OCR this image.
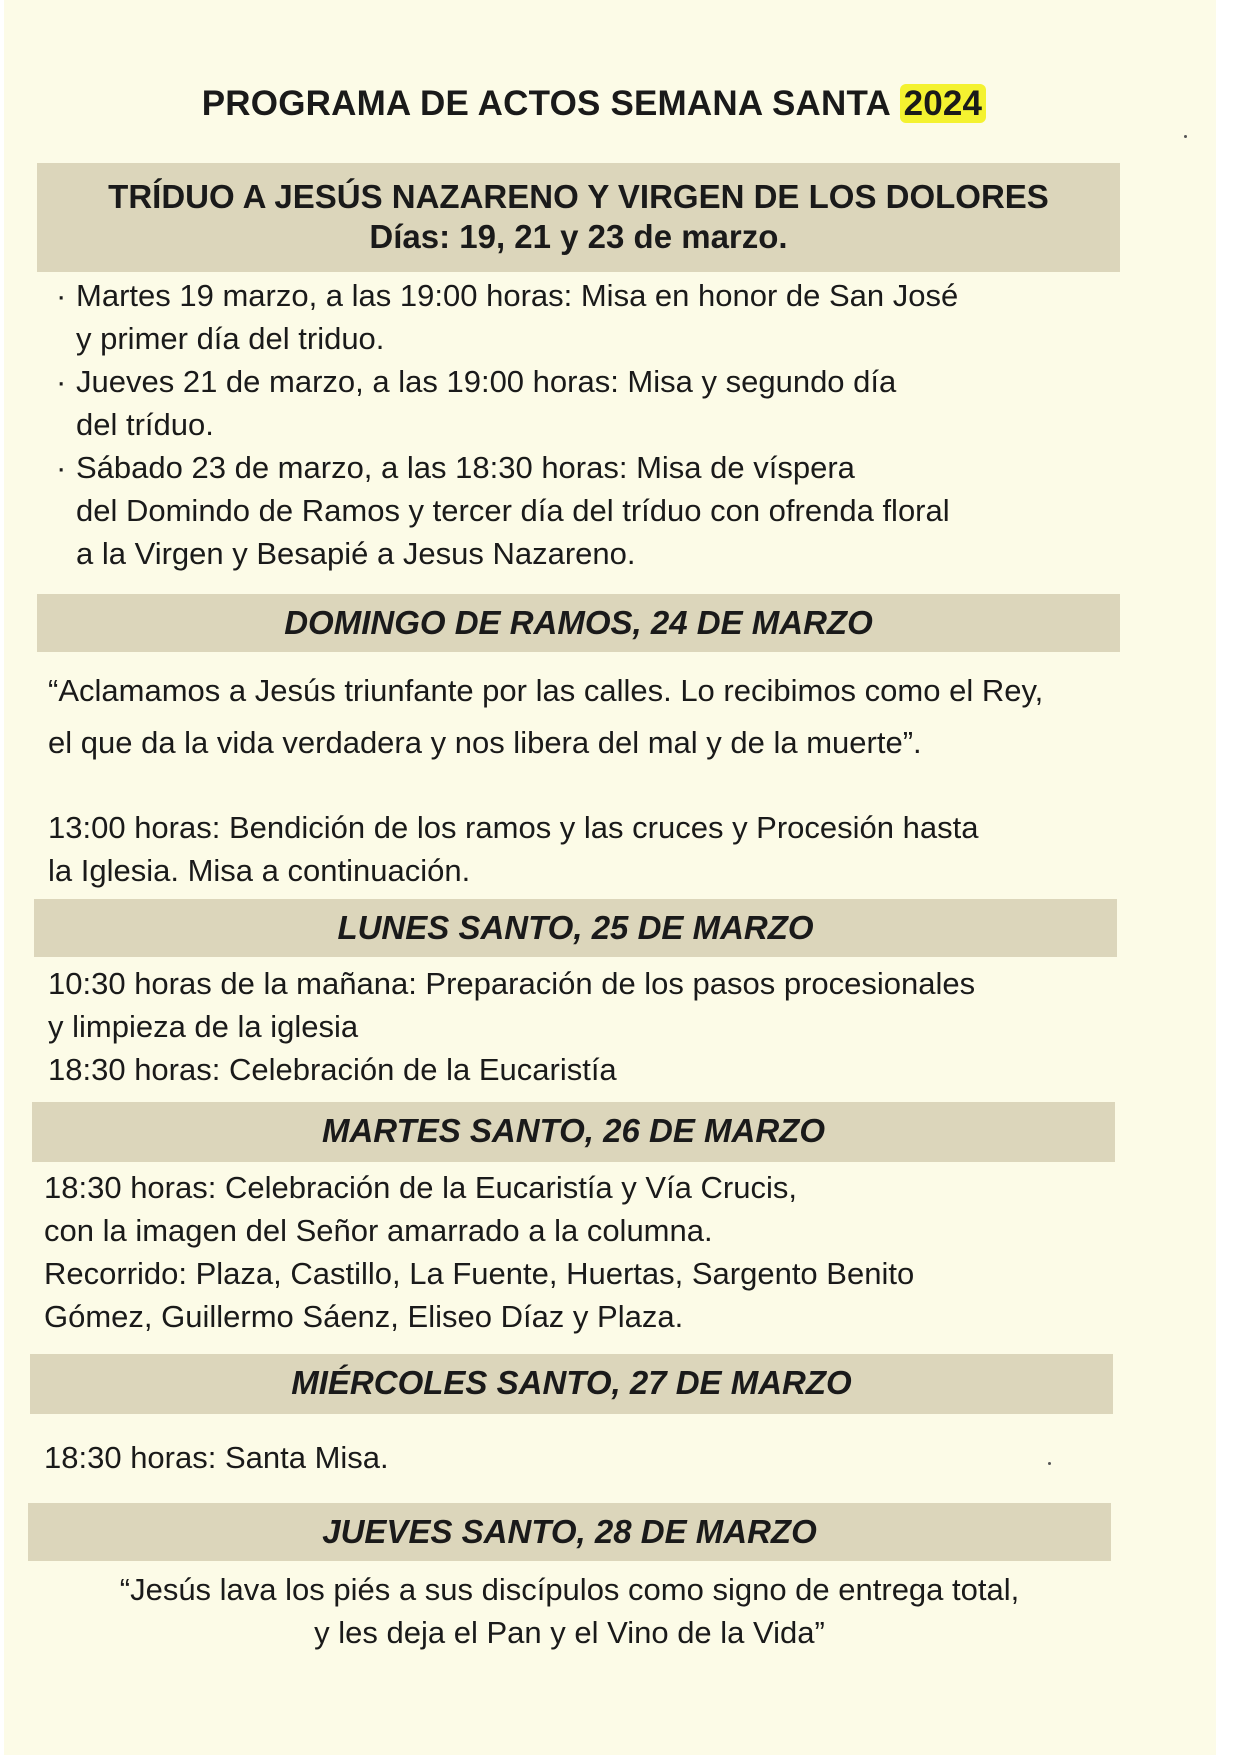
PROGRAMA DE ACTOS SEMANA SANTA 2024
TRÍDUO A JESÚS NAZARENO Y VIRGEN DE LOS DOLORES
Días: 19, 21 y 23 de marzo.

· Martes 19 marzo, a las 19:00 horas: Misa en honor de San José

y primer día del triduo.

· Jueves 21 de marzo, a las 19:00 horas: Misa y segundo día

del tríduo.

· Sábado 23 de marzo, a las 18:30 horas: Misa de víspera

del Domindo de Ramos y tercer día del tríduo con ofrenda floral

a la Virgen y Besapié a Jesus Nazareno.

DOMINGO DE RAMOS, 24 DE MARZO

“Aclamamos a Jesús triunfante por las calles. Lo recibimos como el Rey,

el que da la vida verdadera y nos libera del mal y de la muerte”.

13:00 horas: Bendición de los ramos y las cruces y Procesión hasta

la Iglesia. Misa a continuación.

LUNES SANTO, 25 DE MARZO

10:30 horas de la mañana: Preparación de los pasos procesionales

y limpieza de la iglesia

18:30 horas: Celebración de la Eucaristía

MARTES SANTO, 26 DE MARZO

18:30 horas: Celebración de la Eucaristía y Vía Crucis,

con la imagen del Señor amarrado a la columna.

Recorrido: Plaza, Castillo, La Fuente, Huertas, Sargento Benito

Gómez, Guillermo Sáenz, Eliseo Díaz y Plaza.

MIÉRCOLES SANTO, 27 DE MARZO

18:30 horas: Santa Misa.

JUEVES SANTO, 28 DE MARZO

“Jesús lava los piés a sus discípulos como signo de entrega total,

y les deja el Pan y el Vino de la Vida”
